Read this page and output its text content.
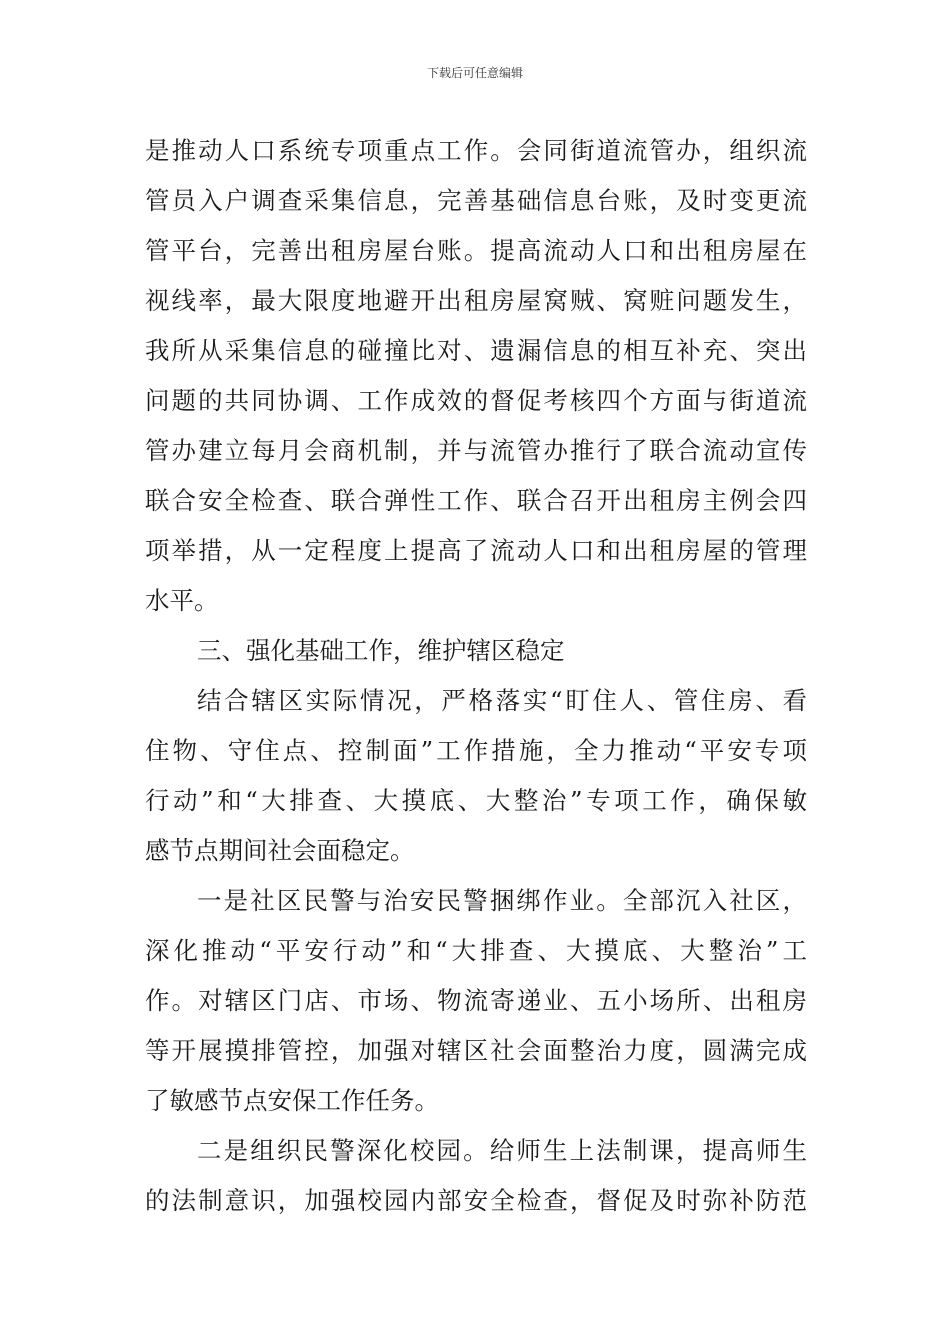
下载后可任意编辑
是推动人口系统专项重点工作。会同街道流管办，组织流
管员入户调查采集信息，完善基础信息台账，及时变更流
管平台，完善出租房屋台账。提高流动人口和出租房屋在
视线率，最大限度地避开出租房屋窝贼、窝赃问题发生，
我所从采集信息的碰撞比对、遗漏信息的相互补充、突出
问题的共同协调、工作成效的督促考核四个方面与街道流
管办建立每月会商机制，并与流管办推行了联合流动宣传
联合安全检查、联合弹性工作、联合召开出租房主例会四
项举措，从一定程度上提高了流动人口和出租房屋的管理
水平。
三、强化基础工作，维护辖区稳定
结合辖区实际情况，严格落实“盯住人、管住房、看
住物、守住点、控制面”工作措施，全力推动“平安专项
行动”和“大排查、大摸底、大整治”专项工作，确保敏
感节点期间社会面稳定。
一是社区民警与治安民警捆绑作业。全部沉入社区，
深化推动“平安行动”和“大排查、大摸底、大整治”工
作。对辖区门店、市场、物流寄递业、五小场所、出租房
等开展摸排管控，加强对辖区社会面整治力度，圆满完成
了敏感节点安保工作任务。
二是组织民警深化校园。给师生上法制课，提高师生
的法制意识，加强校园内部安全检查，督促及时弥补防范
